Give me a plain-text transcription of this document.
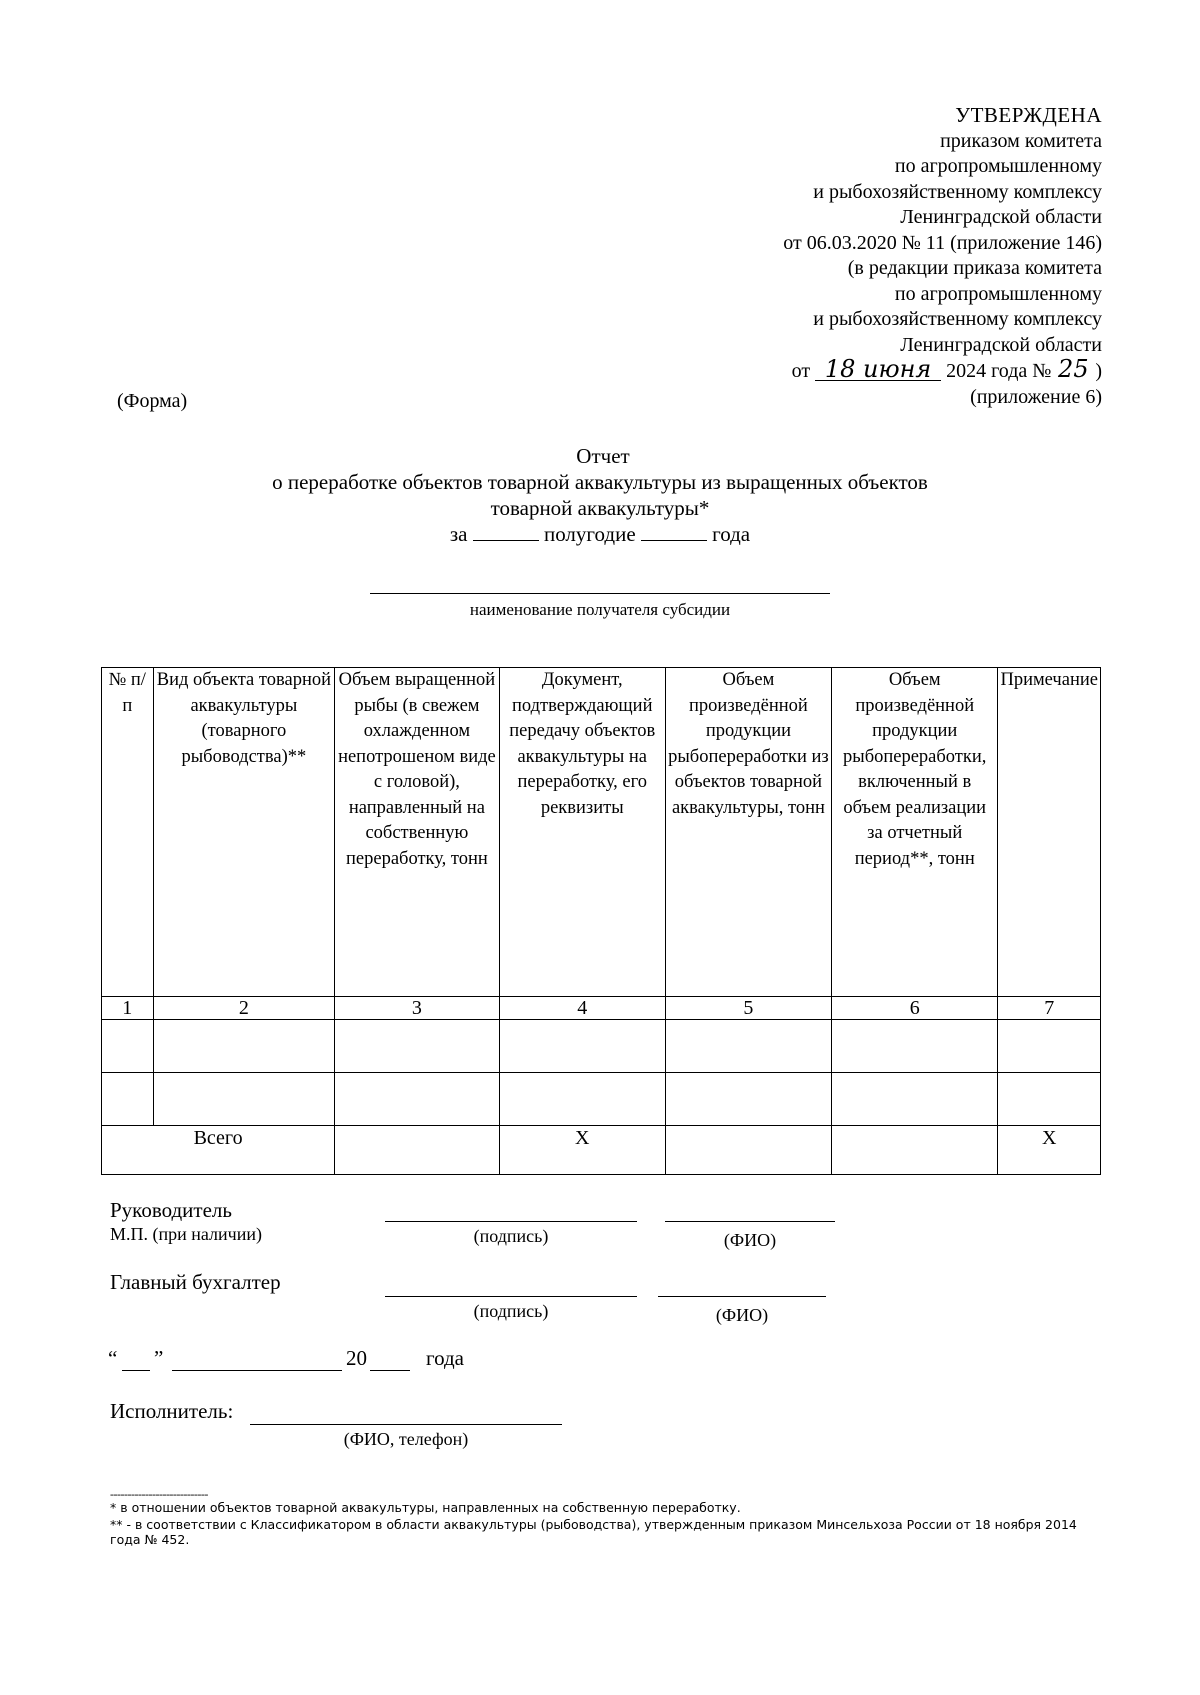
УТВЕРЖДЕНА
приказом комитета
по агропромышленному
и рыбохозяйственному комплексу
Ленинградской области
от 06.03.2020 № 11 (приложение 146)
(в редакции приказа комитета
по агропромышленному
и рыбохозяйственному комплексу
Ленинградской области
от 18 июня 2024 года № 25 )
(приложение 6)
(Форма)
Отчет
о переработке объектов товарной аквакультуры из выращенных объектов
товарной аквакультуры*
за	полугодие	года
наименование получателя субсидии
№ п/п	Вид объекта товарной аквакультуры (товарного рыбоводства)**	Объем выращенной рыбы (в свежем охлажденном непотрошеном виде с головой), направленный на собственную переработку, тонн	Документ, подтверждающий передачу объектов аквакультуры на переработку, его реквизиты	Объем произведённой продукции рыбопереработки из объектов товарной аквакультуры, тонн	Объем произведённой продукции рыбопереработки, включенный в объем реализации за отчетный период**, тонн	Примечание
1	2	3	4	5	6	7

Всего			X			X
Руководитель
М.П. (при наличии)	(подпись)	(ФИО)
Главный бухгалтер
(подпись)	(ФИО)
“ ”	20	года
Исполнитель:
(ФИО, телефон)
----------------------------
* в отношении объектов товарной аквакультуры, направленных на собственную переработку.
** - в соответствии с Классификатором в области аквакультуры (рыбоводства), утвержденным приказом Минсельхоза России от 18 ноября 2014 года № 452.
